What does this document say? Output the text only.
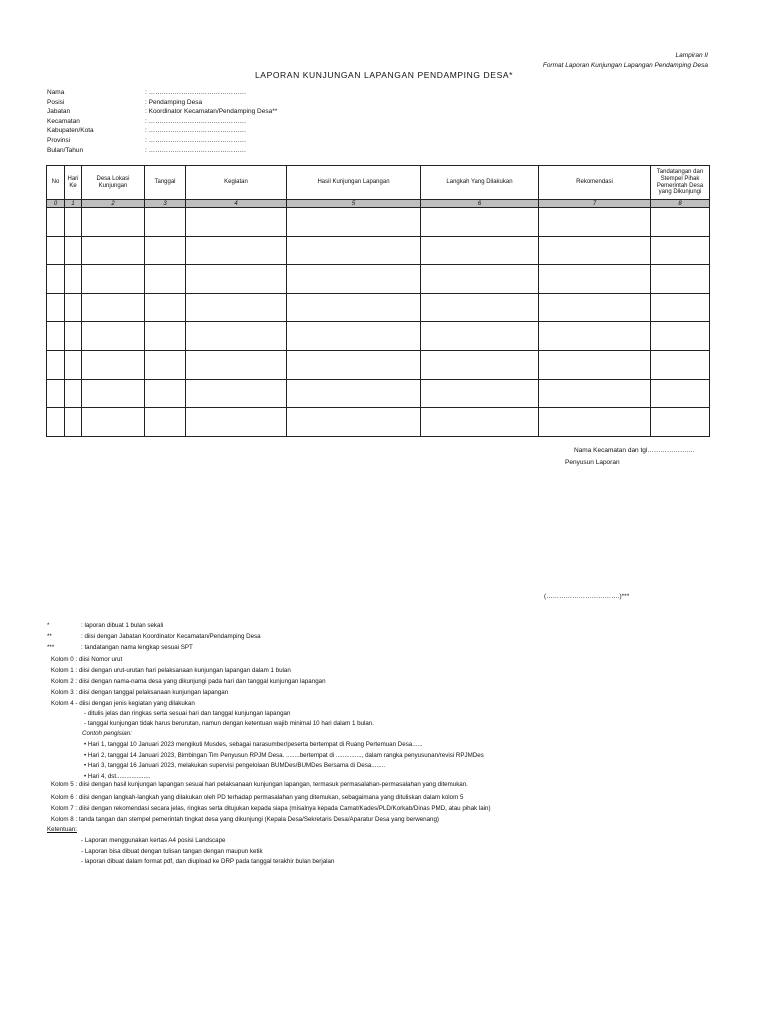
Lampiran II
Format Laporan Kunjungan Lapangan Pendamping Desa
LAPORAN KUNJUNGAN LAPANGAN PENDAMPING DESA*
Nama	: ………………………………………
Posisi	: Pendamping Desa
Jabatan	: Koordinator Kecamatan/Pendamping Desa**
Kecamatan	: ………………………………………
Kabupaten/Kota	: ………………………………………
Provinsi	: ………………………………………
Bulan/Tahun	: ………………………………………
No	Hari Ke	Desa Lokasi Kunjungan	Tanggal	Kegiatan	Hasil Kunjungan Lapangan	Langkah Yang Dilakukan	Rekomendasi	Tandatangan dan Stempel Pihak Pemerintah Desa yang Dikunjungi
0	1	2	3	4	5	6	7	8

Nama Kecamatan dan tgl………………….
Penyusun Laporan
(…………………………….)***
*	: laporan dibuat 1 bulan sekali
**	: diisi dengan Jabatan Koordinator Kecamatan/Pendamping Desa
***	: tandatangan nama lengkap sesuai SPT
Kolom 0 : diisi Nomor urut
Kolom 1 : diisi dengan urut-urutan hari pelaksanaan kunjungan lapangan dalam 1 bulan
Kolom 2 : diisi dengan nama-nama desa yang dikunjungi pada hari dan tanggal kunjungan lapangan
Kolom 3 : diisi dengan tanggal pelaksanaan kunjungan lapangan
Kolom 4 - diisi dengan jenis kegiatan yang dilakukan
- ditulis jelas dan ringkas serta sesuai hari dan tanggal kunjungan lapangan
- tanggal kunjungan tidak harus berurutan, namun dengan ketentuan wajib minimal 10 hari dalam 1 bulan.
Contoh pengisian:
• Hari 1, tanggal 10 Januari 2023 mengikuti Musdes, sebagai narasumber/peserta bertempat di Ruang Pertemuan Desa......
• Hari 2, tanggal 14 Januari 2023, Bimbingan Tim Penyusun RPJM Desa. ........bertempat di ..............., dalam rangka penyusunan/revisi RPJMDes
• Hari 3, tanggal 16 Januari 2023, melakukan supervisi pengelolaan BUMDes/BUMDes Bersama di Desa........
• Hari 4, dst....................
Kolom 5 : diisi dengan hasil kunjungan lapangan sesuai hari pelaksanaan kunjungan lapangan, termasuk permasalahan-permasalahan yang ditemukan.
Kolom 6 : diisi dengan langkah-langkah yang dilakukan oleh PD terhadap permasalahan yang ditemukan, sebagaimana yang dituliskan dalam kolom 5
Kolom 7 : diisi dengan rekomendasi secara jelas, ringkas serta ditujukan kepada siapa (misalnya kepada Camat/Kades/PLD/Korkab/Dinas PMD, atau pihak lain)
Kolom 8 : tanda tangan dan stempel pemerintah tingkat desa yang dikunjungi (Kepala Desa/Sekretaris Desa/Aparatur Desa yang berwenang)
Ketentuan:
- Laporan menggunakan kertas A4 posisi Landscape
- Laporan bisa dibuat dengan tulisan tangan dengan maupun ketik
- laporan dibuat dalam format pdf, dan diupload ke DRP pada tanggal terakhir bulan berjalan
